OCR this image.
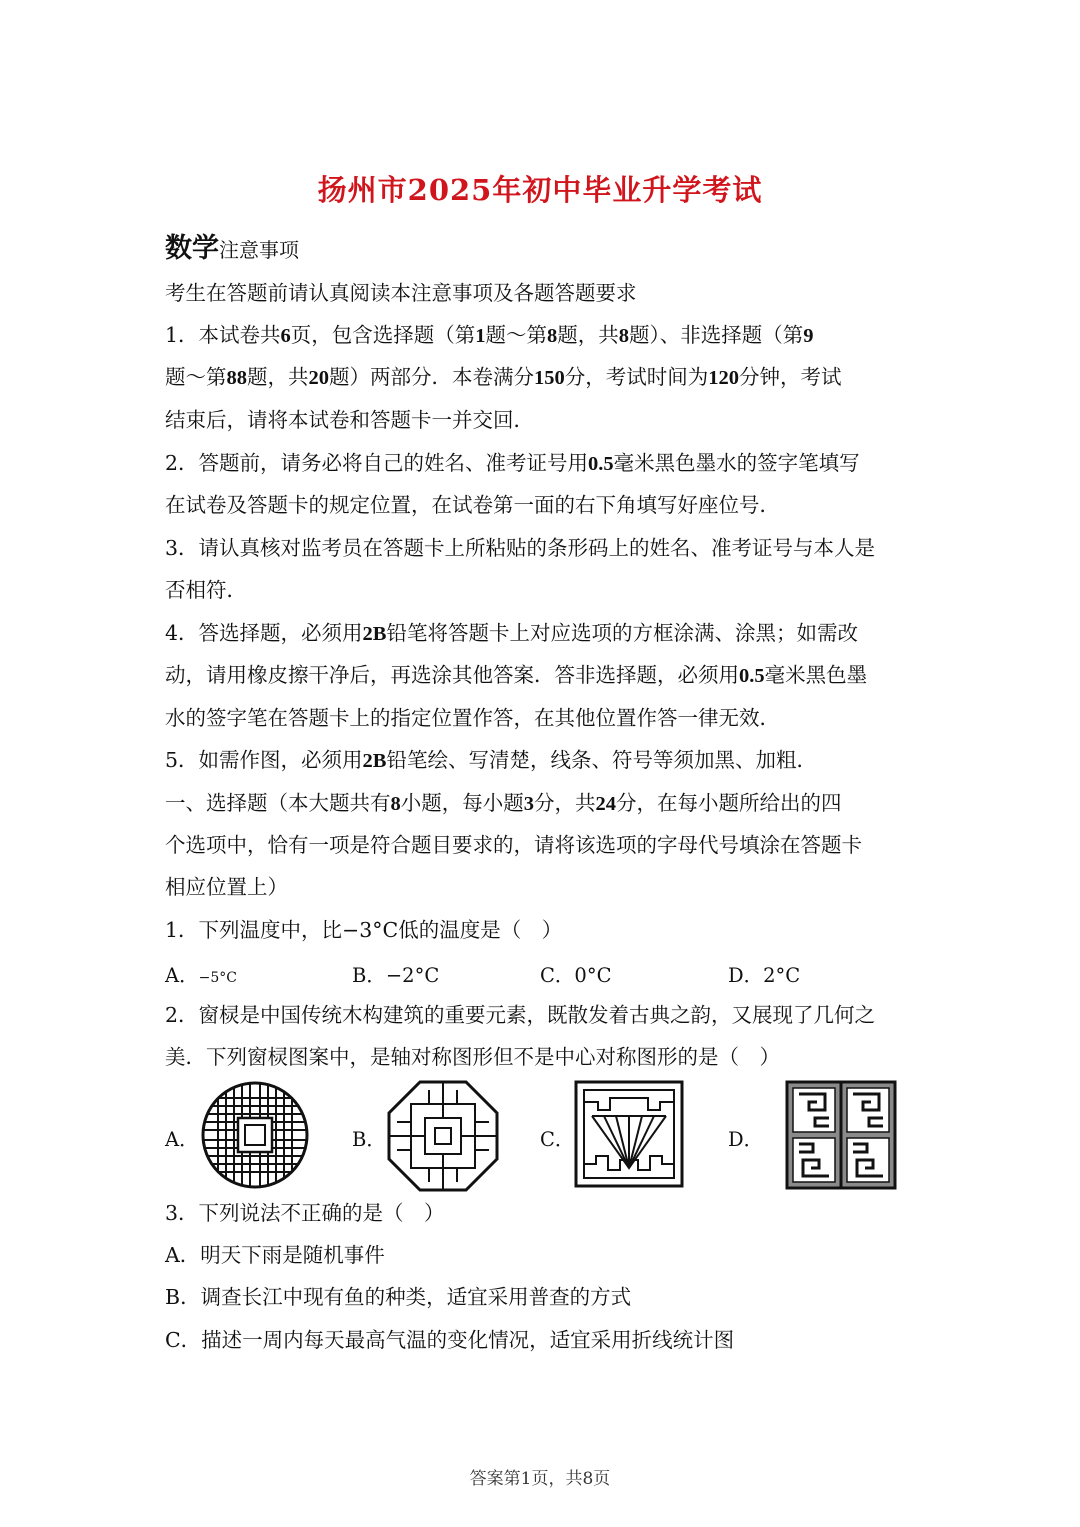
扬州市2025年初中毕业升学考试
数学注意事项
考生在答题前请认真阅读本注意事项及各题答题要求
1．本试卷共6页，包含选择题（第1题～第8题，共8题）、非选择题（第9
题～第88题，共20题）两部分．本卷满分150分，考试时间为120分钟，考试
结束后，请将本试卷和答题卡一并交回．
2．答题前，请务必将自己的姓名、准考证号用0.5毫米黑色墨水的签字笔填写
在试卷及答题卡的规定位置，在试卷第一面的右下角填写好座位号．
3．请认真核对监考员在答题卡上所粘贴的条形码上的姓名、准考证号与本人是
否相符．
4．答选择题，必须用2B铅笔将答题卡上对应选项的方框涂满、涂黑；如需改
动，请用橡皮擦干净后，再选涂其他答案．答非选择题，必须用0.5毫米黑色墨
水的签字笔在答题卡上的指定位置作答，在其他位置作答一律无效．
5．如需作图，必须用2B铅笔绘、写清楚，线条、符号等须加黑、加粗．
一、选择题（本大题共有8小题，每小题3分，共24分，在每小题所给出的四
个选项中，恰有一项是符合题目要求的，请将该选项的字母代号填涂在答题卡
相应位置上）
1．下列温度中，比−3°C低的温度是（　）
A．−5°C	B．−2°C	C．0°C	D．2°C
2．窗棂是中国传统木构建筑的重要元素，既散发着古典之韵，又展现了几何之
美．下列窗棂图案中，是轴对称图形但不是中心对称图形的是（　）
A．	B．	C．	D．
3．下列说法不正确的是（　）
A．明天下雨是随机事件
B．调查长江中现有鱼的种类，适宜采用普查的方式
C．描述一周内每天最高气温的变化情况，适宜采用折线统计图
答案第1页，共8页
